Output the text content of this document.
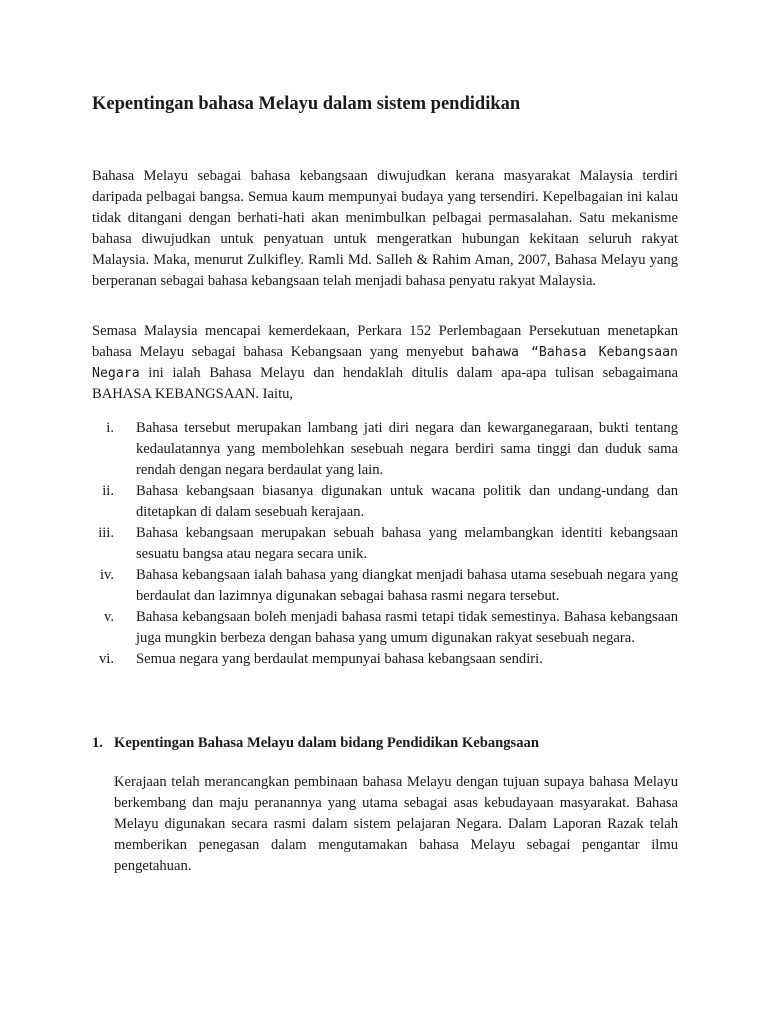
Kepentingan bahasa Melayu dalam sistem pendidikan

Bahasa Melayu sebagai bahasa kebangsaan diwujudkan kerana masyarakat Malaysia terdiri daripada pelbagai bangsa. Semua kaum mempunyai budaya yang tersendiri. Kepelbagaian ini kalau tidak ditangani dengan berhati-hati akan menimbulkan pelbagai permasalahan. Satu mekanisme bahasa diwujudkan untuk penyatuan untuk mengeratkan hubungan kekitaan seluruh rakyat Malaysia. Maka, menurut Zulkifley. Ramli Md. Salleh & Rahim Aman, 2007, Bahasa Melayu yang berperanan sebagai bahasa kebangsaan telah menjadi bahasa penyatu rakyat Malaysia.

Semasa Malaysia mencapai kemerdekaan, Perkara 152 Perlembagaan Persekutuan menetapkan bahasa Melayu sebagai bahasa Kebangsaan yang menyebut bahawa “Bahasa Kebangsaan Negara ini ialah Bahasa Melayu dan hendaklah ditulis dalam apa-apa tulisan sebagaimana BAHASA KEBANGSAAN. Iaitu,

i. Bahasa tersebut merupakan lambang jati diri negara dan kewarganegaraan, bukti tentang kedaulatannya yang membolehkan sesebuah negara berdiri sama tinggi dan duduk sama rendah dengan negara berdaulat yang lain.
ii. Bahasa kebangsaan biasanya digunakan untuk wacana politik dan undang-undang dan ditetapkan di dalam sesebuah kerajaan.
iii. Bahasa kebangsaan merupakan sebuah bahasa yang melambangkan identiti kebangsaan sesuatu bangsa atau negara secara unik.
iv. Bahasa kebangsaan ialah bahasa yang diangkat menjadi bahasa utama sesebuah negara yang berdaulat dan lazimnya digunakan sebagai bahasa rasmi negara tersebut.
v. Bahasa kebangsaan boleh menjadi bahasa rasmi tetapi tidak semestinya. Bahasa kebangsaan juga mungkin berbeza dengan bahasa yang umum digunakan rakyat sesebuah negara.
vi. Semua negara yang berdaulat mempunyai bahasa kebangsaan sendiri.
1. Kepentingan Bahasa Melayu dalam bidang Pendidikan Kebangsaan

Kerajaan telah merancangkan pembinaan bahasa Melayu dengan tujuan supaya bahasa Melayu berkembang dan maju peranannya yang utama sebagai asas kebudayaan masyarakat. Bahasa Melayu digunakan secara rasmi dalam sistem pelajaran Negara. Dalam Laporan Razak telah memberikan penegasan dalam mengutamakan bahasa Melayu sebagai pengantar ilmu pengetahuan.
